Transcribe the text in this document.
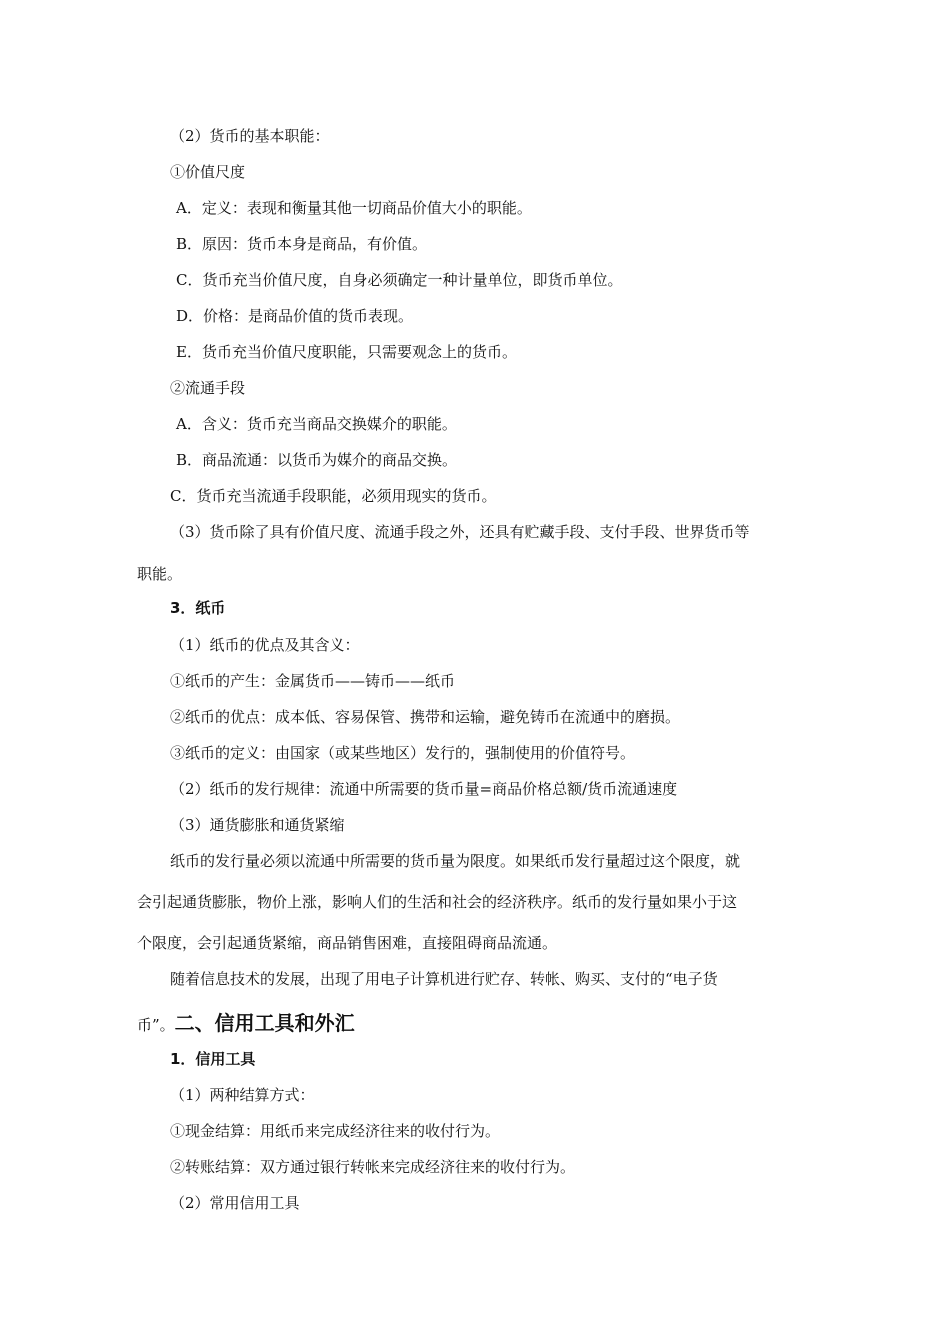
（2）货币的基本职能：
①价值尺度
A．定义：表现和衡量其他一切商品价值大小的职能。
B．原因：货币本身是商品，有价值。
C．货币充当价值尺度，自身必须确定一种计量单位，即货币单位。
D．价格：是商品价值的货币表现。
E．货币充当价值尺度职能，只需要观念上的货币。
②流通手段
A．含义：货币充当商品交换媒介的职能。
B．商品流通：以货币为媒介的商品交换。
C．货币充当流通手段职能，必须用现实的货币。
（3）货币除了具有价值尺度、流通手段之外，还具有贮藏手段、支付手段、世界货币等
职能。
3．纸币
（1）纸币的优点及其含义：
①纸币的产生：金属货币——铸币——纸币
②纸币的优点：成本低、容易保管、携带和运输，避免铸币在流通中的磨损。
③纸币的定义：由国家（或某些地区）发行的，强制使用的价值符号。
（2）纸币的发行规律：流通中所需要的货币量=商品价格总额/货币流通速度
（3）通货膨胀和通货紧缩
纸币的发行量必须以流通中所需要的货币量为限度。如果纸币发行量超过这个限度，就
会引起通货膨胀，物价上涨，影响人们的生活和社会的经济秩序。纸币的发行量如果小于这
个限度，会引起通货紧缩，商品销售困难，直接阻碍商品流通。
随着信息技术的发展，出现了用电子计算机进行贮存、转帐、购买、支付的“电子货
币”。二、信用工具和外汇
1．信用工具
（1）两种结算方式：
①现金结算：用纸币来完成经济往来的收付行为。
②转账结算：双方通过银行转帐来完成经济往来的收付行为。
（2）常用信用工具
